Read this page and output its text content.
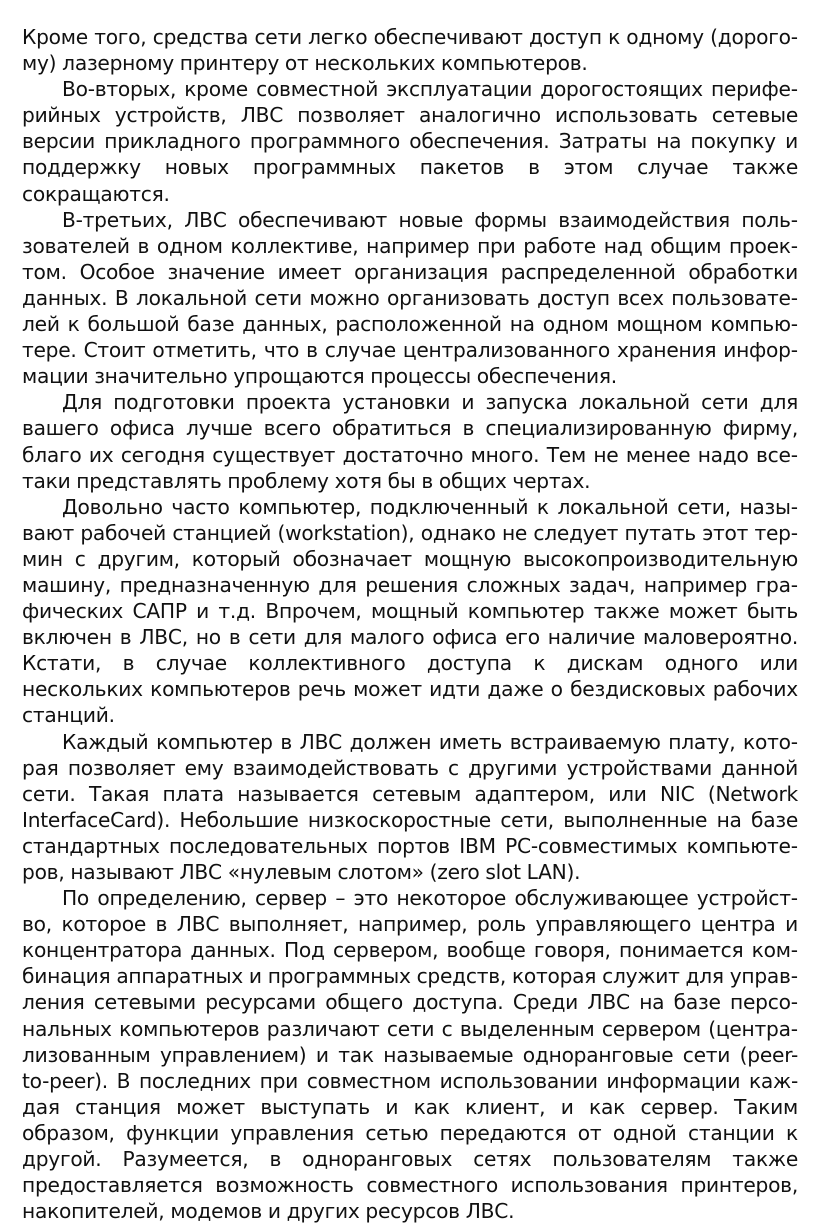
Кроме того, средства сети легко обеспечивают доступ к одному (дорогому) лазерному принтеру от нескольких компьютеров.

Во-вторых, кроме совместной эксплуатации дорогостоящих периферийных устройств, ЛВС позволяет аналогично использовать сетевые версии прикладного программного обеспечения. Затраты на покупку и поддержку новых программных пакетов в этом случае также сокращаются.

В-третьих, ЛВС обеспечивают новые формы взаимодействия пользователей в одном коллективе, например при работе над общим проектом. Особое значение имеет организация распределенной обработки данных. В локальной сети можно организовать доступ всех пользователей к большой базе данных, расположенной на одном мощном компьютере. Стоит отметить, что в случае централизованного хранения информации значительно упрощаются процессы обеспечения.

Для подготовки проекта установки и запуска локальной сети для вашего офиса лучше всего обратиться в специализированную фирму, благо их сегодня существует достаточно много. Тем не менее надо всетаки представлять проблему хотя бы в общих чертах.

Довольно часто компьютер, подключенный к локальной сети, называют рабочей станцией (workstation), однако не следует путать этот термин с другим, который обозначает мощную высокопроизводительную машину, предназначенную для решения сложных задач, например графических САПР и т.д. Впрочем, мощный компьютер также может быть включен в ЛВС, но в сети для малого офиса его наличие маловероятно. Кстати, в случае коллективного доступа к дискам одного или нескольких компьютеров речь может идти даже о бездисковых рабочих станций.

Каждый компьютер в ЛВС должен иметь встраиваемую плату, которая позволяет ему взаимодействовать с другими устройствами данной сети. Такая плата называется сетевым адаптером, или NIC (Network InterfaceCard). Небольшие низкоскоростные сети, выполненные на базе стандартных последовательных портов IBM PC-совместимых компьютеров, называют ЛВС «нулевым слотом» (zero slot LAN).

По определению, сервер – это некоторое обслуживающее устройство, которое в ЛВС выполняет, например, роль управляющего центра и концентратора данных. Под сервером, вообще говоря, понимается комбинация аппаратных и программных средств, которая служит для управления сетевыми ресурсами общего доступа. Среди ЛВС на базе персональных компьютеров различают сети с выделенным сервером (централизованным управлением) и так называемые одноранговые сети (peer- to-peer). В последних при совместном использовании информации каж- дая станция может выступать и как клиент, и как сервер. Таким образом, функции управления сетью передаются от одной станции к другой. Разумеется, в одноранговых сетях пользователям также предоставляется возможность совместного использования принтеров, накопителей, модемов и других ресурсов ЛВС.
